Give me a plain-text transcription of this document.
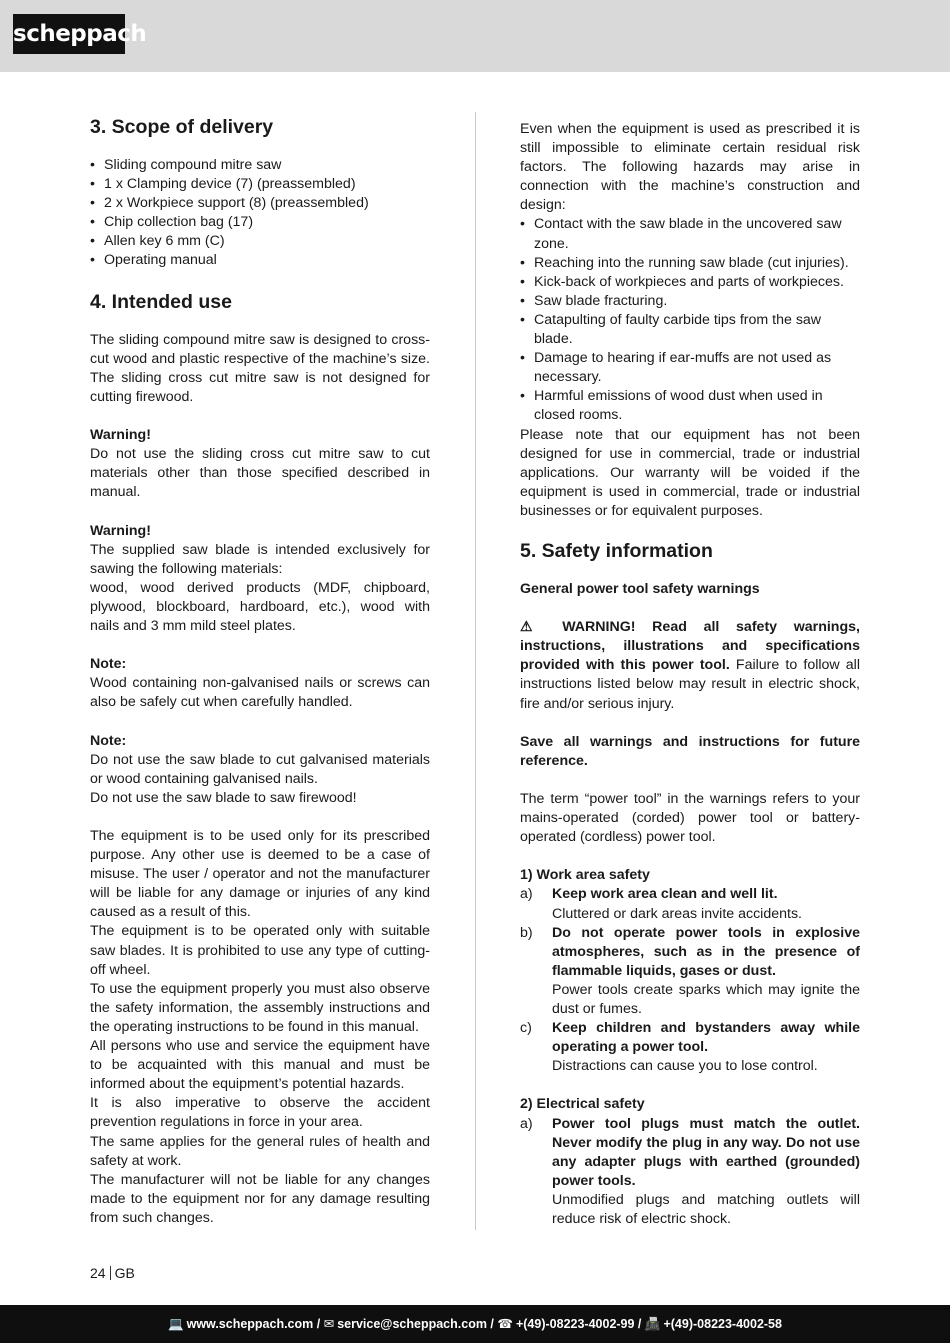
scheppach
3. Scope of delivery
• Sliding compound mitre saw
• 1 x Clamping device (7) (preassembled)
• 2 x Workpiece support (8) (preassembled)
• Chip collection bag (17)
• Allen key 6 mm (C)
• Operating manual
4. Intended use

The sliding compound mitre saw is designed to cross-cut wood and plastic respective of the machine’s size. The sliding cross cut mitre saw is not designed for cutting firewood.

Warning!

Do not use the sliding cross cut mitre saw to cut materials other than those specified described in manual.

Warning!

The supplied saw blade is intended exclusively for sawing the following materials:

wood, wood derived products (MDF, chipboard, plywood, blockboard, hardboard, etc.), wood with nails and 3 mm mild steel plates.

Note:

Wood containing non-galvanised nails or screws can also be safely cut when carefully handled.

Note:

Do not use the saw blade to cut galvanised materials or wood containing galvanised nails.

Do not use the saw blade to saw firewood!

The equipment is to be used only for its prescribed purpose. Any other use is deemed to be a case of misuse. The user / operator and not the manufacturer will be liable for any damage or injuries of any kind caused as a result of this.

The equipment is to be operated only with suitable saw blades. It is prohibited to use any type of cutting-off wheel.

To use the equipment properly you must also observe the safety information, the assembly instructions and the operating instructions to be found in this manual.

All persons who use and service the equipment have to be acquainted with this manual and must be informed about the equipment’s potential hazards.

It is also imperative to observe the accident prevention regulations in force in your area.

The same applies for the general rules of health and safety at work.

The manufacturer will not be liable for any changes made to the equipment nor for any damage resulting from such changes.

Even when the equipment is used as prescribed it is still impossible to eliminate certain residual risk factors. The following hazards may arise in connection with the machine’s construction and design:

• Contact with the saw blade in the uncovered saw zone.
• Reaching into the running saw blade (cut injuries).
• Kick-back of workpieces and parts of workpieces.
• Saw blade fracturing.
• Catapulting of faulty carbide tips from the saw blade.
• Damage to hearing if ear-muffs are not used as necessary.
• Harmful emissions of wood dust when used in closed rooms.

Please note that our equipment has not been designed for use in commercial, trade or industrial applications. Our warranty will be voided if the equipment is used in commercial, trade or industrial businesses or for equivalent purposes.

5. Safety information

General power tool safety warnings

⚠ WARNING! Read all safety warnings, instructions, illustrations and specifications provided with this power tool. Failure to follow all instructions listed below may result in electric shock, fire and/or serious injury.

Save all warnings and instructions for future reference.

The term “power tool” in the warnings refers to your mains-operated (corded) power tool or battery-operated (cordless) power tool.

1) Work area safety

a)	Keep work area clean and well lit.
Cluttered or dark areas invite accidents.
b)	Do not operate power tools in explosive atmospheres, such as in the presence of flammable liquids, gases or dust.
Power tools create sparks which may ignite the dust or fumes.
c)	Keep children and bystanders away while operating a power tool.
Distractions can cause you to lose control.

2) Electrical safety

a)	Power tool plugs must match the outlet. Never modify the plug in any way. Do not use any adapter plugs with earthed (grounded) power tools.
Unmodified plugs and matching outlets will reduce risk of electric shock.
24 GB
💻 www.scheppach.com / ✉ service@scheppach.com / ☎ +(49)-08223-4002-99 / 📠 +(49)-08223-4002-58
